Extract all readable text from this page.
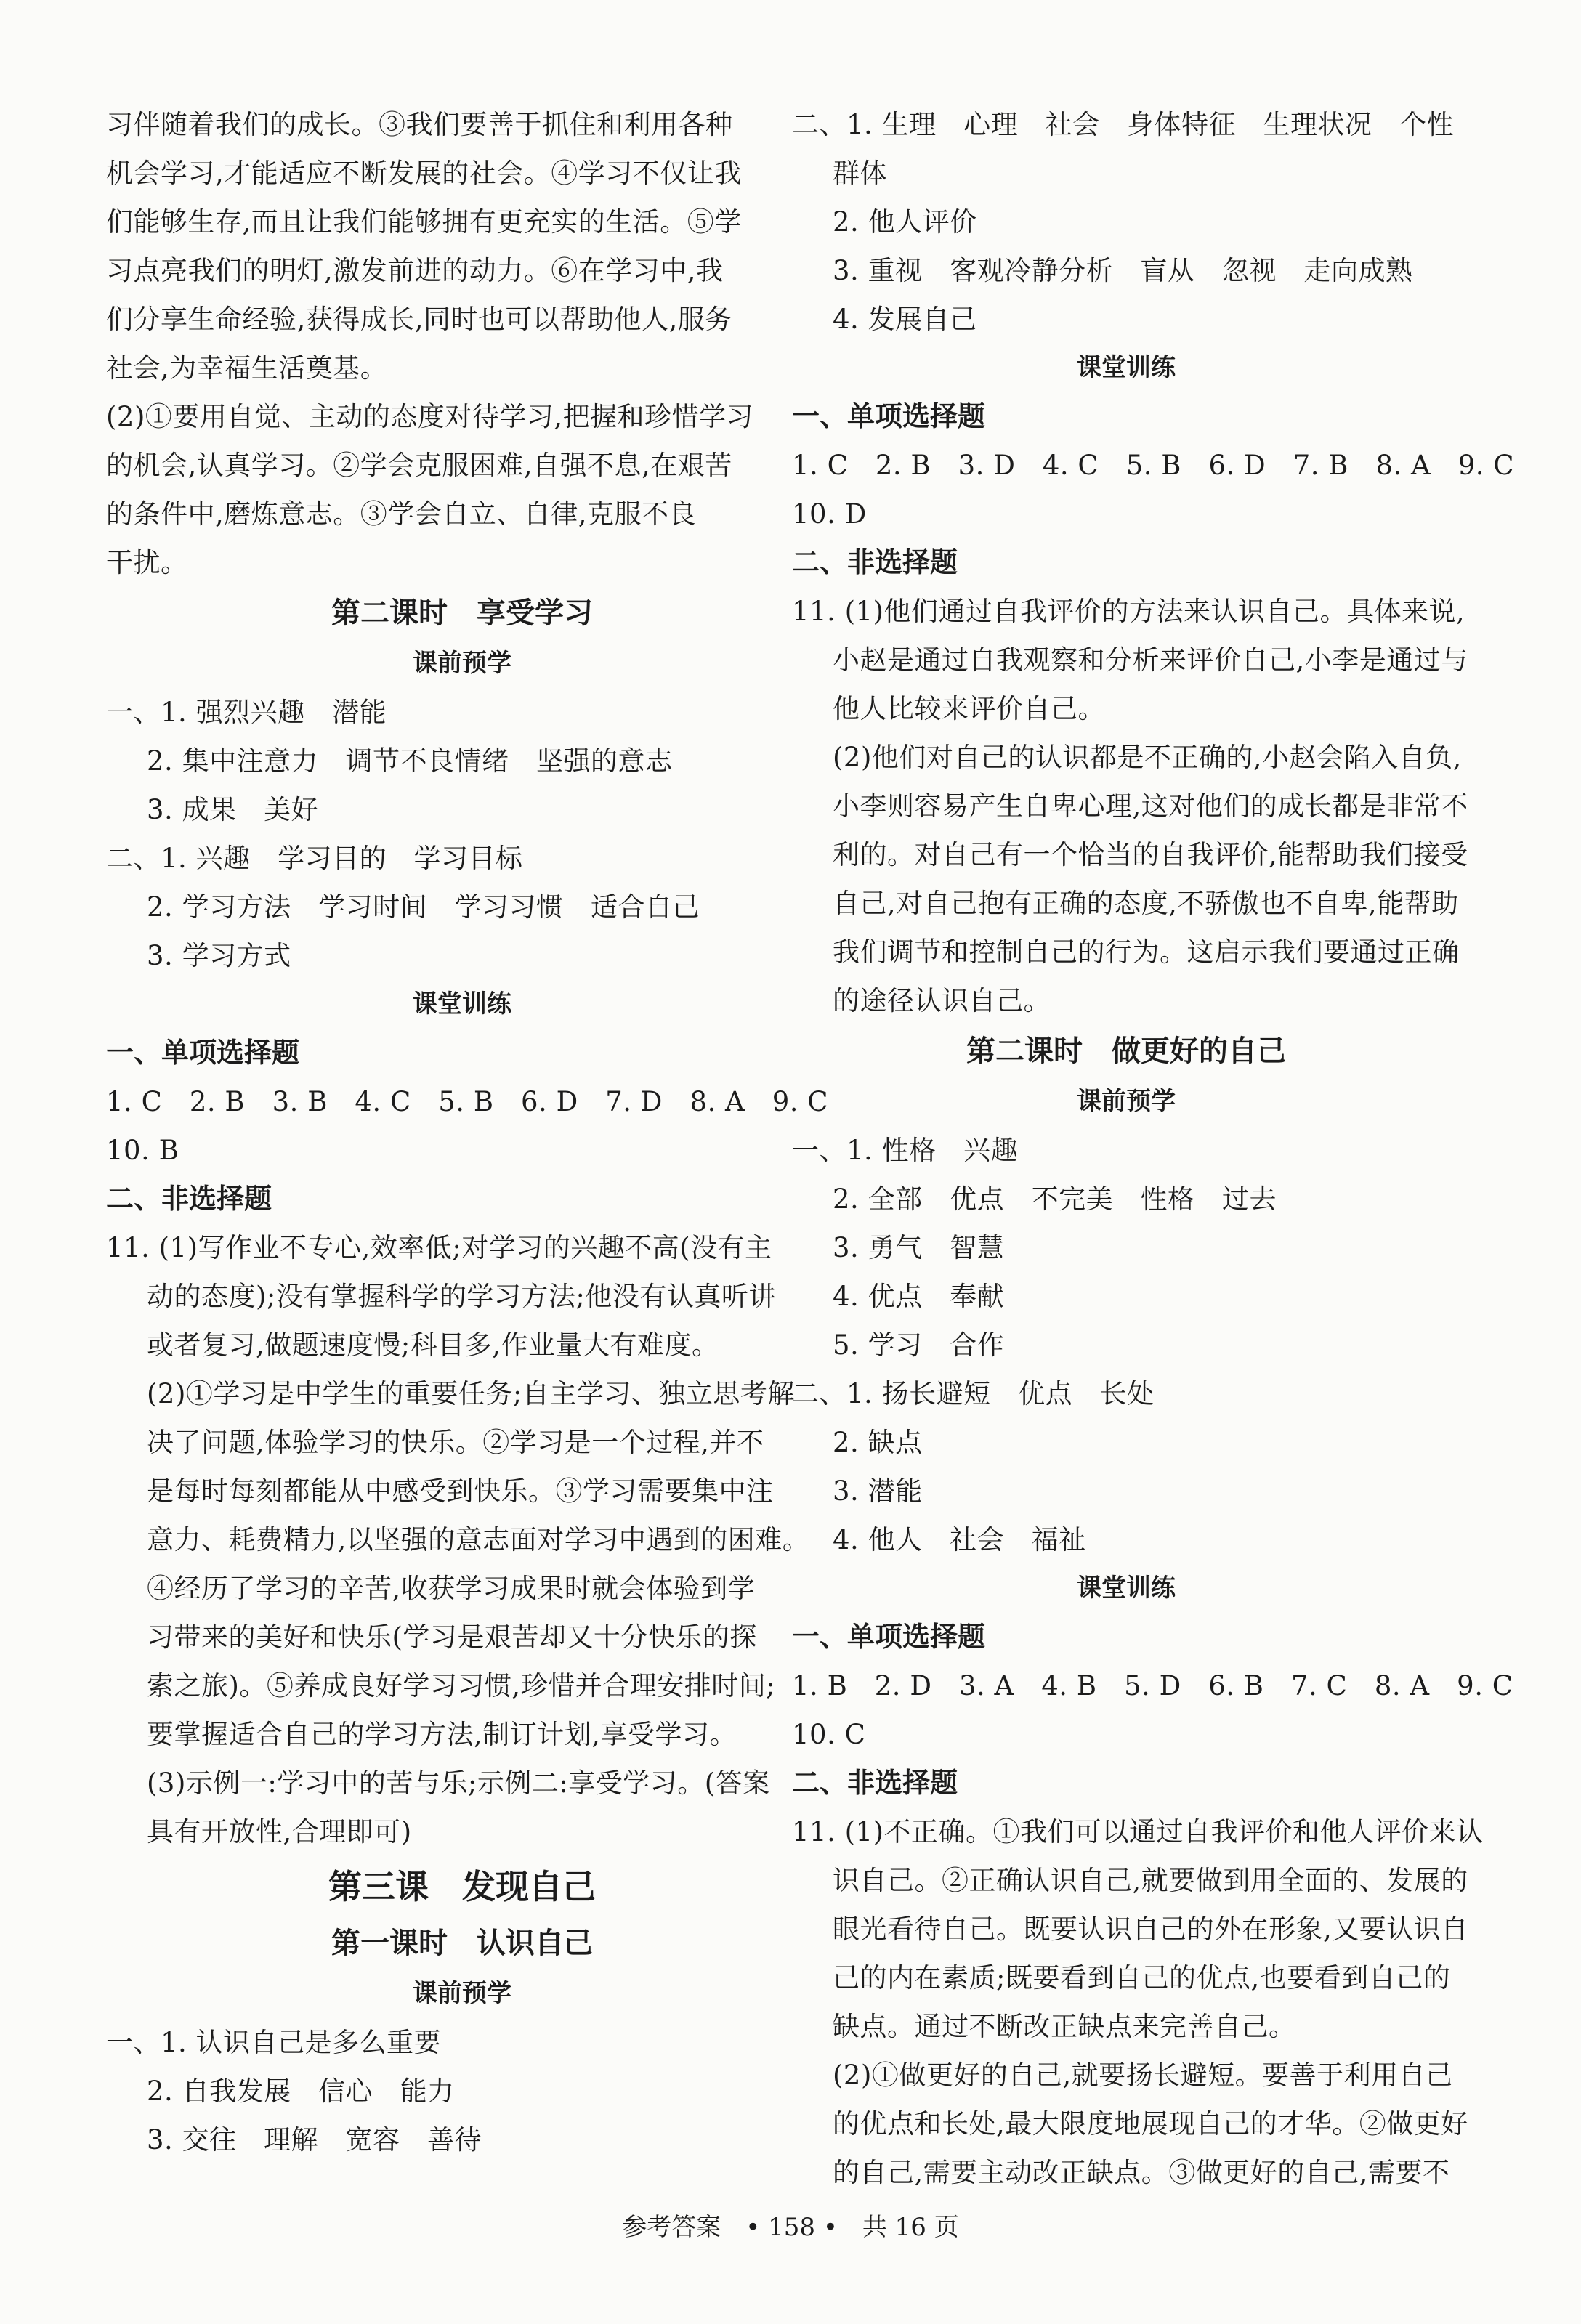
习伴随着我们的成长。③我们要善于抓住和利用各种
机会学习,才能适应不断发展的社会。④学习不仅让我
们能够生存,而且让我们能够拥有更充实的生活。⑤学
习点亮我们的明灯,激发前进的动力。⑥在学习中,我
们分享生命经验,获得成长,同时也可以帮助他人,服务
社会,为幸福生活奠基。
(2)①要用自觉、主动的态度对待学习,把握和珍惜学习
的机会,认真学习。②学会克服困难,自强不息,在艰苦
的条件中,磨炼意志。③学会自立、自律,克服不良
干扰。
第二课时　享受学习
课前预学
一、1. 强烈兴趣　潜能
2. 集中注意力　调节不良情绪　坚强的意志
3. 成果　美好
二、1. 兴趣　学习目的　学习目标
2. 学习方法　学习时间　学习习惯　适合自己
3. 学习方式
课堂训练
一、单项选择题
1. C　2. B　3. B　4. C　5. B　6. D　7. D　8. A　9. C
10. B
二、非选择题
11. (1)写作业不专心,效率低;对学习的兴趣不高(没有主
动的态度);没有掌握科学的学习方法;他没有认真听讲
或者复习,做题速度慢;科目多,作业量大有难度。
(2)①学习是中学生的重要任务;自主学习、独立思考解
决了问题,体验学习的快乐。②学习是一个过程,并不
是每时每刻都能从中感受到快乐。③学习需要集中注
意力、耗费精力,以坚强的意志面对学习中遇到的困难。
④经历了学习的辛苦,收获学习成果时就会体验到学
习带来的美好和快乐(学习是艰苦却又十分快乐的探
索之旅)。⑤养成良好学习习惯,珍惜并合理安排时间;
要掌握适合自己的学习方法,制订计划,享受学习。
(3)示例一:学习中的苦与乐;示例二:享受学习。(答案
具有开放性,合理即可)
第三课　发现自己
第一课时　认识自己
课前预学
一、1. 认识自己是多么重要
2. 自我发展　信心　能力
3. 交往　理解　宽容　善待
二、1. 生理　心理　社会　身体特征　生理状况　个性
群体
2. 他人评价
3. 重视　客观冷静分析　盲从　忽视　走向成熟
4. 发展自己
课堂训练
一、单项选择题
1. C　2. B　3. D　4. C　5. B　6. D　7. B　8. A　9. C
10. D
二、非选择题
11. (1)他们通过自我评价的方法来认识自己。具体来说,
小赵是通过自我观察和分析来评价自己,小李是通过与
他人比较来评价自己。
(2)他们对自己的认识都是不正确的,小赵会陷入自负,
小李则容易产生自卑心理,这对他们的成长都是非常不
利的。对自己有一个恰当的自我评价,能帮助我们接受
自己,对自己抱有正确的态度,不骄傲也不自卑,能帮助
我们调节和控制自己的行为。这启示我们要通过正确
的途径认识自己。
第二课时　做更好的自己
课前预学
一、1. 性格　兴趣
2. 全部　优点　不完美　性格　过去
3. 勇气　智慧
4. 优点　奉献
5. 学习　合作
二、1. 扬长避短　优点　长处
2. 缺点
3. 潜能
4. 他人　社会　福祉
课堂训练
一、单项选择题
1. B　2. D　3. A　4. B　5. D　6. B　7. C　8. A　9. C
10. C
二、非选择题
11. (1)不正确。①我们可以通过自我评价和他人评价来认
识自己。②正确认识自己,就要做到用全面的、发展的
眼光看待自己。既要认识自己的外在形象,又要认识自
己的内在素质;既要看到自己的优点,也要看到自己的
缺点。通过不断改正缺点来完善自己。
(2)①做更好的自己,就要扬长避短。要善于利用自己
的优点和长处,最大限度地展现自己的才华。②做更好
的自己,需要主动改正缺点。③做更好的自己,需要不
参考答案　• 158 •　共 16 页
